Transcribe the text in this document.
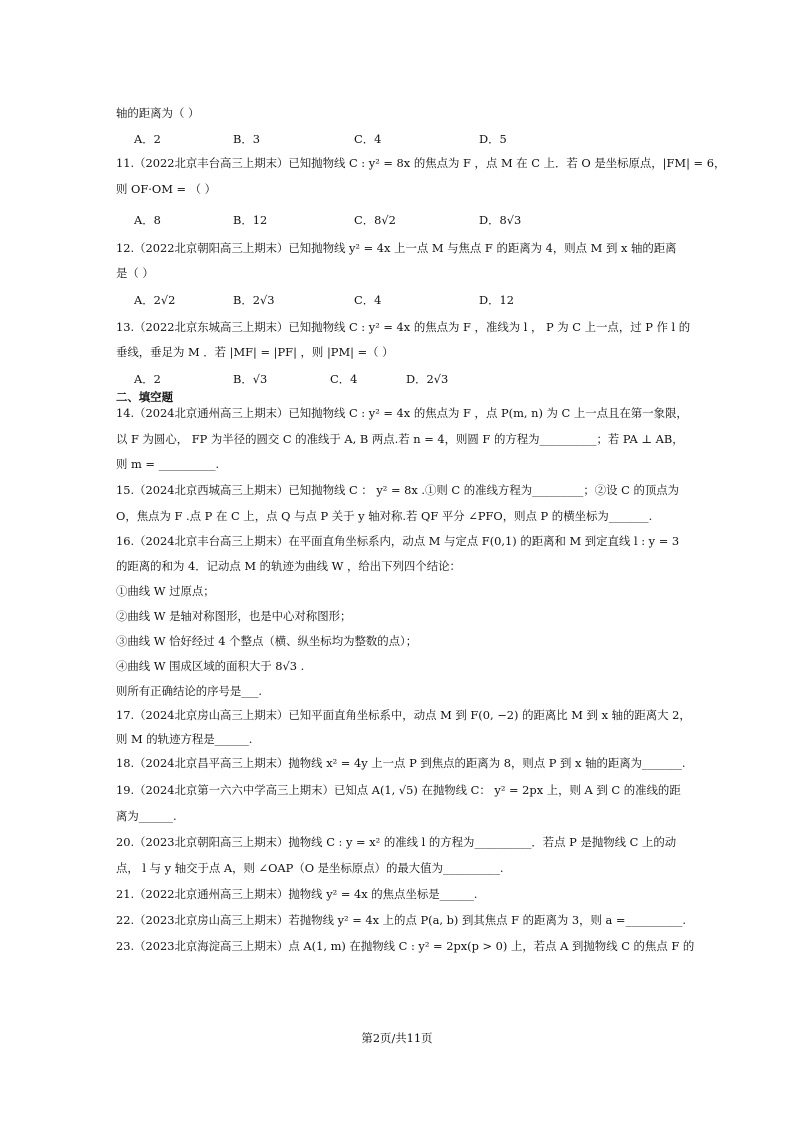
轴的距离为（ ）
A．2	B．3	C．4	D．5
11.（2022北京丰台高三上期末）已知抛物线 C : y² = 8x 的焦点为 F ，点 M 在 C 上．若 O 是坐标原点，|FM| = 6，
则 OF·OM = （ ）
A．8	B．12	C．8√2	D．8√3
12.（2022北京朝阳高三上期末）已知抛物线 y² = 4x 上一点 M 与焦点 F 的距离为 4，则点 M 到 x 轴的距离
是（ ）
A．2√2	B．2√3	C．4	D．12
13.（2022北京东城高三上期末）已知抛物线 C : y² = 4x 的焦点为 F ，准线为 l ， P 为 C 上一点，过 P 作 l 的
垂线，垂足为 M ．若 |MF| = |PF| ，则 |PM| =（ ）
A．2	B．√3	C．4	D．2√3
二、填空题
14.（2024北京通州高三上期末）已知抛物线 C : y² = 4x 的焦点为 F ，点 P(m, n) 为 C 上一点且在第一象限，
以 F 为圆心， FP 为半径的圆交 C 的准线于 A, B 两点.若 n = 4，则圆 F 的方程为__________；若 PA ⊥ AB，
则 m = __________.
15.（2024北京西城高三上期末）已知抛物线 C ： y² = 8x .①则 C 的准线方程为_________；②设 C 的顶点为
O，焦点为 F .点 P 在 C 上，点 Q 与点 P 关于 y 轴对称.若 QF 平分 ∠PFO，则点 P 的横坐标为_______.
16.（2024北京丰台高三上期末）在平面直角坐标系内，动点 M 与定点 F(0,1) 的距离和 M 到定直线 l : y = 3
的距离的和为 4．记动点 M 的轨迹为曲线 W ，给出下列四个结论：
①曲线 W 过原点；
②曲线 W 是轴对称图形，也是中心对称图形；
③曲线 W 恰好经过 4 个整点（横、纵坐标均为整数的点）；
④曲线 W 围成区域的面积大于 8√3 .
则所有正确结论的序号是___.
17.（2024北京房山高三上期末）已知平面直角坐标系中，动点 M 到 F(0, −2) 的距离比 M 到 x 轴的距离大 2，
则 M 的轨迹方程是______.
18.（2024北京昌平高三上期末）抛物线 x² = 4y 上一点 P 到焦点的距离为 8，则点 P 到 x 轴的距离为_______.
19.（2024北京第一六六中学高三上期末）已知点 A(1, √5) 在抛物线 C： y² = 2px 上，则 A 到 C 的准线的距
离为______.
20.（2023北京朝阳高三上期末）抛物线 C : y = x² 的准线 l 的方程为__________．若点 P 是抛物线 C 上的动
点， l 与 y 轴交于点 A，则 ∠OAP（O 是坐标原点）的最大值为__________.
21.（2022北京通州高三上期末）抛物线 y² = 4x 的焦点坐标是______.
22.（2023北京房山高三上期末）若抛物线 y² = 4x 上的点 P(a, b) 到其焦点 F 的距离为 3，则 a =__________.
23.（2023北京海淀高三上期末）点 A(1, m) 在抛物线 C : y² = 2px(p > 0) 上，若点 A 到抛物线 C 的焦点 F 的
第2页/共11页
